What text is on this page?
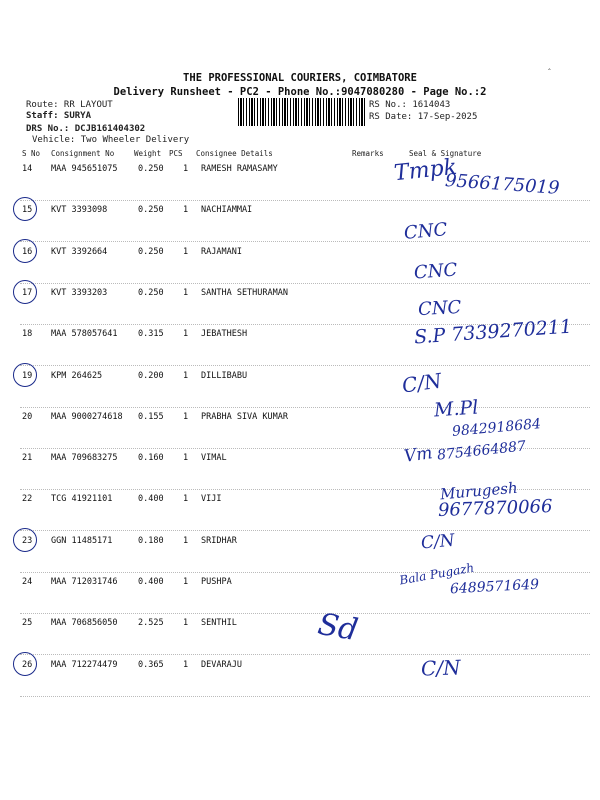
THE PROFESSIONAL COURIERS, COIMBATORE
Delivery Runsheet - PC2 - Phone No.:9047080280 - Page No.:2
ˆ
Route: RR LAYOUT
Staff: SURYA
DRS No.: DCJB161404302
Vehicle: Two Wheeler Delivery
RS No.: 1614043
RS Date: 17-Sep-2025
S No Consignment No	Weight PCS Consignee Details	Remarks	Seal & Signature
14 MAA 945651075 0.250 1 RAMESH RAMASAMY	Tmpk
9566175019
15 KVT 3393098	0.250 1 NACHIAMMAI
CNC
16 KVT 3392664	0.250 1 RAJAMANI
CNC
17 KVT 3393203	0.250 1 SANTHA SETHURAMAN
CNC
18 MAA 578057641 0.315 1 JEBATHESH	S.P 7339270211
19 KPM 264625	0.200 1 DILLIBABU	C/N
20 MAA 9000274618 0.155 1 PRABHA SIVA KUMAR	M.Pl
9842918684
21 MAA 709683275 0.160 1 VIMAL	Vm 8754664887
22 TCG 41921101	0.400 1 VIJI	Murugesh
9677870066
23 GGN 11485171	0.180 1 SRIDHAR	C/N
24 MAA 712031746 0.400 1 PUSHPA	Bala Pugazh
6489571649
25 MAA 706856050 2.525 1 SENTHIL	Sd
26 MAA 712274479 0.365 1 DEVARAJU	C/N
